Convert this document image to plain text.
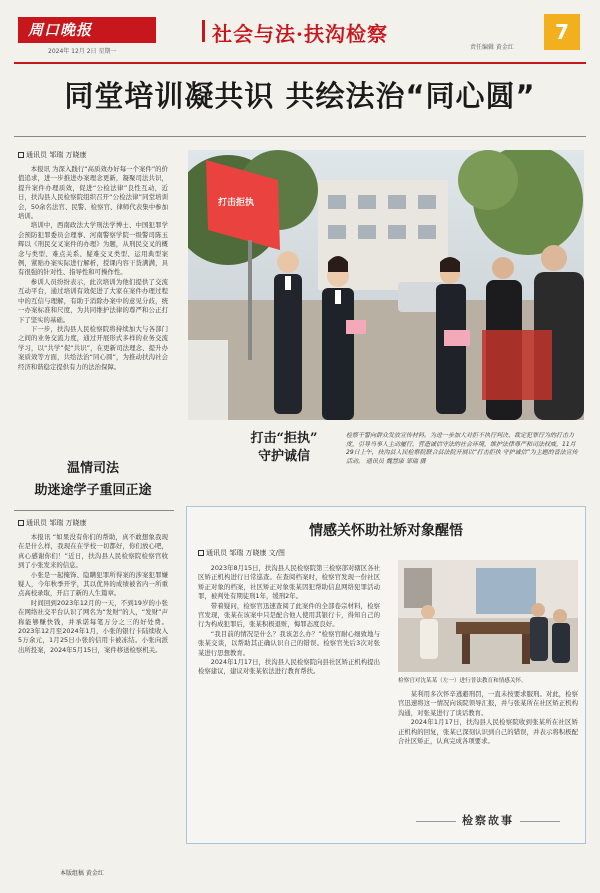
周口晚报
2024年 12月 2日 星期一
社会与法·扶沟检察
责任编辑 黄金红
7
同堂培训凝共识 共绘法治“同心圆”
通讯员 邹瑞 万晓康

本报讯 为深入践行“高质效办好每一个案件”的价值追求，进一步推进办案理念更新，凝聚司法共识，提升案件办理质效，促进“公检法律”良性互动，近日，扶沟县人民检察院组织召开“公检法律”同堂培训会，50余名法官、民警、检察官、律师代表集中参加培训。

培训中，西南政法大学刑法学博士、中国犯罪学会预防犯罪委员会理事、河南警察学院一级警司陈玉辉以《刑民交叉案件的办理》为题，从刑民交叉的概念与类型、难点关系、疑难交叉类型、运用典型案例，紧贴办案实际进行解析，授课内容干货满满，具有很强的针对性、指导性和可操作性。

参训人员纷纷表示，此次培训为他们提供了交流互动平台，通过培训有效促进了大家在案件办理过程中的互信与理解，有助于消除办案中的意见分歧，统一办案标准和尺度，为共同维护法律的尊严和公正打下了坚实的基础。

下一步，扶沟县人民检察院将持续加大与各部门之间的业务交流力度，通过开展形式多样的业务交流学习，以“共学”促“共识”，在更新司法理念、提升办案质效等方面，共绘法治“同心圆”，为推动扶沟社会经济和谐稳定提供有力的法治保障。

温情司法
助迷途学子重回正途
通讯员 邹瑞 万晓康

本报讯 “如果没有你们的帮助，真不敢想象我现在是什么样，我现在在学校一切都好，你们放心吧，真心感谢你们！”近日，扶沟县人民检察院检察官收到了小张发来的信息。

小张是一起掩饰、隐瞒犯罪所得案的涉案犯罪嫌疑人，今年秋季开学，其以优异的成绩被省内一所重点高校录取，开启了新的人生篇章。

时间回到2023年12月的一天，不到19岁的小张在网络社交平台认识了网名为“发财”的人，“发财”声称能够赚快钱，并承诺每笔万分之三的好处费。2023年12月至2024年1月，小张的银行卡陆续收入5万余元，1月25日小张的信用卡被冻结。小张向派出所投案，2024年5月15日，案件移送检察机关。

本版组稿 黄金红
打击拒执
打击“拒执”
守护诚信
检察干警向群众发放宣传材料。为进一步加大对拒不执行判决、裁定犯罪行为的打击力度，引导当事人主动履行，营造诚信守法的社会环境，维护法律尊严和司法权威，11月29日上午，扶沟县人民检察院联合县法院开展以“打击拒执 守护诚信”为主题的普法宣传活动。 通讯员 魏慧康 邹瑞 摄
情感关怀助社矫对象醒悟
通讯员 邹瑞 万晓康 文/图

2023年8月15日，扶沟县人民检察院第三检察部对辖区各社区矫正机构进行日常巡查。在查阅档案时，检察官发现一份社区矫正对象的档案，社区矫正对象张某因犯帮助信息网络犯罪活动罪，被判处有期徒刑1年，缓刑2年。

带着疑问，检察官迅速查阅了此案件的全部卷宗材料，检察官发现，张某在该案中只是配合他人使用其银行卡，得知自己的行为构成犯罪后，张某积极退赃，悔罪态度良好。

“我目前的情况是什么？我该怎么办？”检察官耐心细致地与张某交谈，以帮助其正确认识自己的错误。检察官先后3次对张某进行思想教育。

2024年1月17日，扶沟县人民检察院向县社区矫正机构提出检察建议，建议对张某依法进行教育帮扶。

检察官对沈某某（左一）进行普法教育和情感关怀。

某利用多次怀辛逃避刑罚，一直未按要求服刑。对此，检察官迅速将这一情况向该院领导汇报，并与张某所在社区矫正机构沟通，对张某进行了谈话教育。

2024年1月17日，扶沟县人民检察院收到张某所在社区矫正机构的回复，张某已深刻认识到自己的错误，并表示将积极配合社区矫正，认真完成各项要求。

检察故事
